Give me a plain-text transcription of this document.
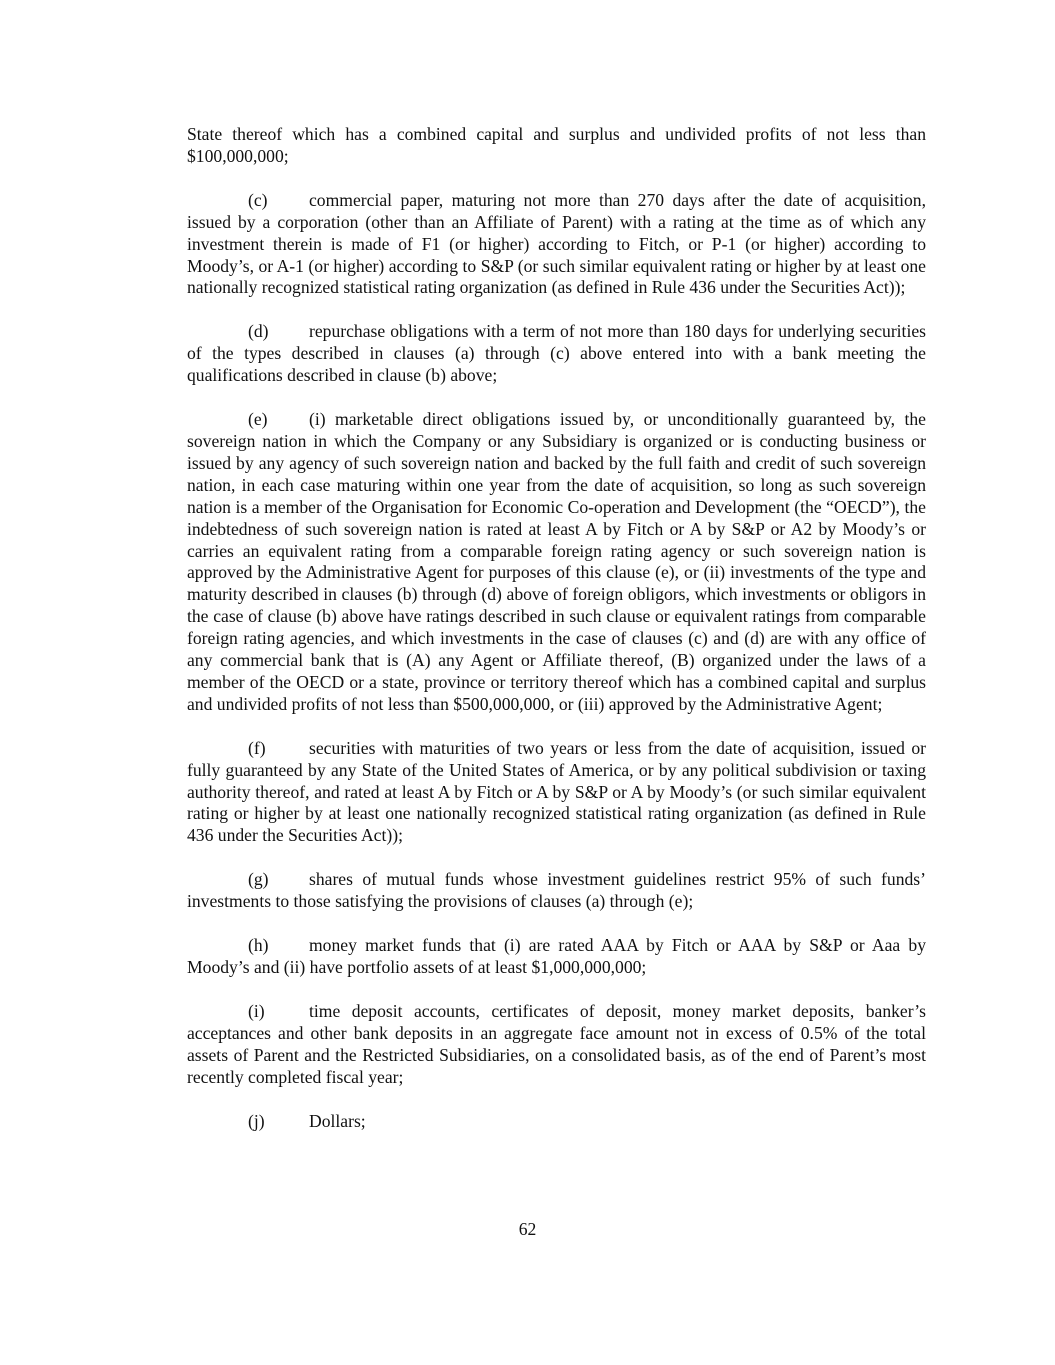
State thereof which has a combined capital and surplus and undivided profits of not less than $100,000,000;

(c) commercial paper, maturing not more than 270 days after the date of acquisition, issued by a corporation (other than an Affiliate of Parent) with a rating at the time as of which any investment therein is made of F1 (or higher) according to Fitch, or P-1 (or higher) according to Moody’s, or A-1 (or higher) according to S&P (or such similar equivalent rating or higher by at least one nationally recognized statistical rating organization (as defined in Rule 436 under the Securities Act));

(d) repurchase obligations with a term of not more than 180 days for underlying securities of the types described in clauses (a) through (c) above entered into with a bank meeting the qualifications described in clause (b) above;

(e) (i) marketable direct obligations issued by, or unconditionally guaranteed by, the sovereign nation in which the Company or any Subsidiary is organized or is conducting business or issued by any agency of such sovereign nation and backed by the full faith and credit of such sovereign nation, in each case maturing within one year from the date of acquisition, so long as such sovereign nation is a member of the Organisation for Economic Co-operation and Development (the “OECD”), the indebtedness of such sovereign nation is rated at least A by Fitch or A by S&P or A2 by Moody’s or carries an equivalent rating from a comparable foreign rating agency or such sovereign nation is approved by the Administrative Agent for purposes of this clause (e), or (ii) investments of the type and maturity described in clauses (b) through (d) above of foreign obligors, which investments or obligors in the case of clause (b) above have ratings described in such clause or equivalent ratings from comparable foreign rating agencies, and which investments in the case of clauses (c) and (d) are with any office of any commercial bank that is (A) any Agent or Affiliate thereof, (B) organized under the laws of a member of the OECD or a state, province or territory thereof which has a combined capital and surplus and undivided profits of not less than $500,000,000, or (iii) approved by the Administrative Agent;

(f) securities with maturities of two years or less from the date of acquisition, issued or fully guaranteed by any State of the United States of America, or by any political subdivision or taxing authority thereof, and rated at least A by Fitch or A by S&P or A by Moody’s (or such similar equivalent rating or higher by at least one nationally recognized statistical rating organization (as defined in Rule 436 under the Securities Act));

(g) shares of mutual funds whose investment guidelines restrict 95% of such funds’ investments to those satisfying the provisions of clauses (a) through (e);

(h) money market funds that (i) are rated AAA by Fitch or AAA by S&P or Aaa by Moody’s and (ii) have portfolio assets of at least $1,000,000,000;

(i)	time deposit accounts, certificates of deposit, money market deposits, banker’s acceptances and other bank deposits in an aggregate face amount not in excess of 0.5% of the total assets of Parent and the Restricted Subsidiaries, on a consolidated basis, as of the end of Parent’s most recently completed fiscal year;

(j)	Dollars;

62
